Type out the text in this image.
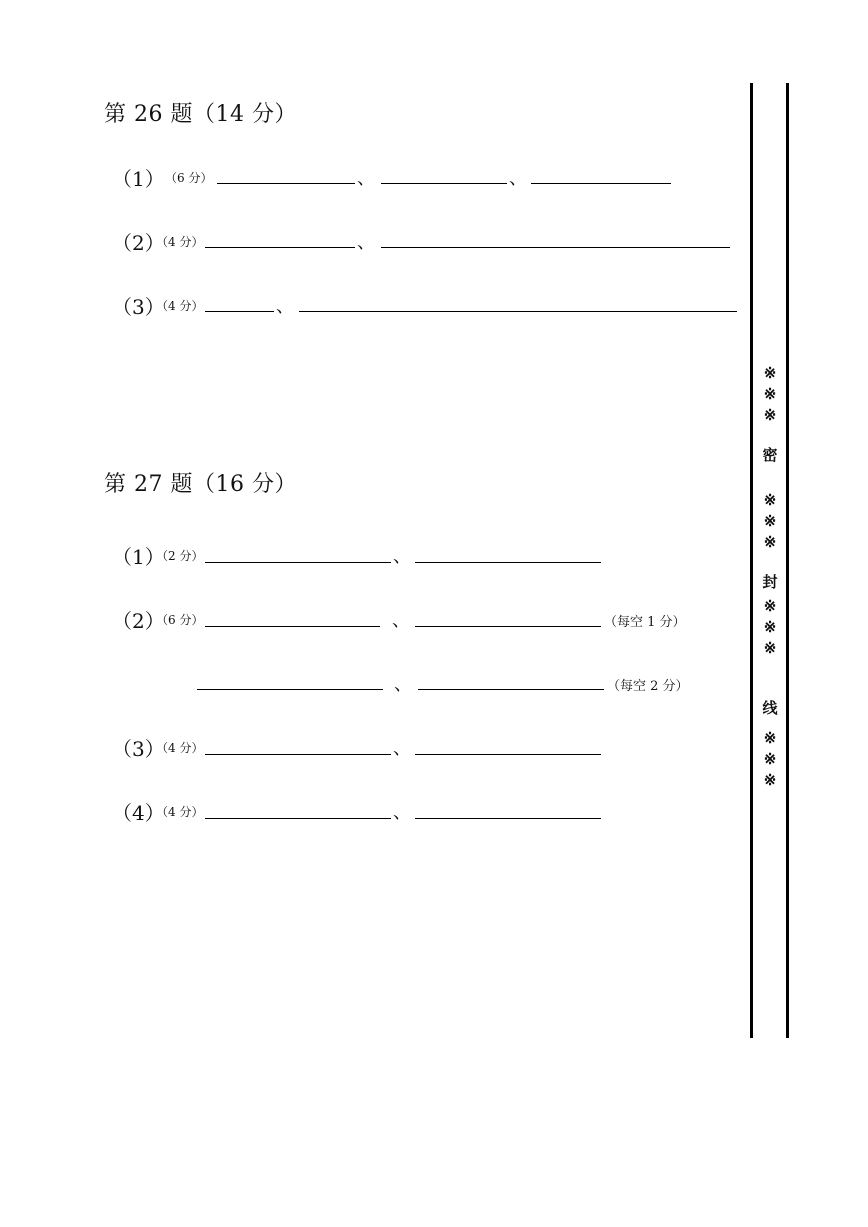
第 26 题（14 分）
（1） （6 分）	、	、
（2）
（4 分）	、
（3）
（4 分）	、
第 27 题（16 分）
（1）
（2 分）	、
（2）
（6 分）	、	（每空 1 分）
、	（每空 2 分）
（3）
（4 分）	、
（4）
（4 分）	、
※
※
※
密
※
※
※
封
※
※
※
线
※
※
※
